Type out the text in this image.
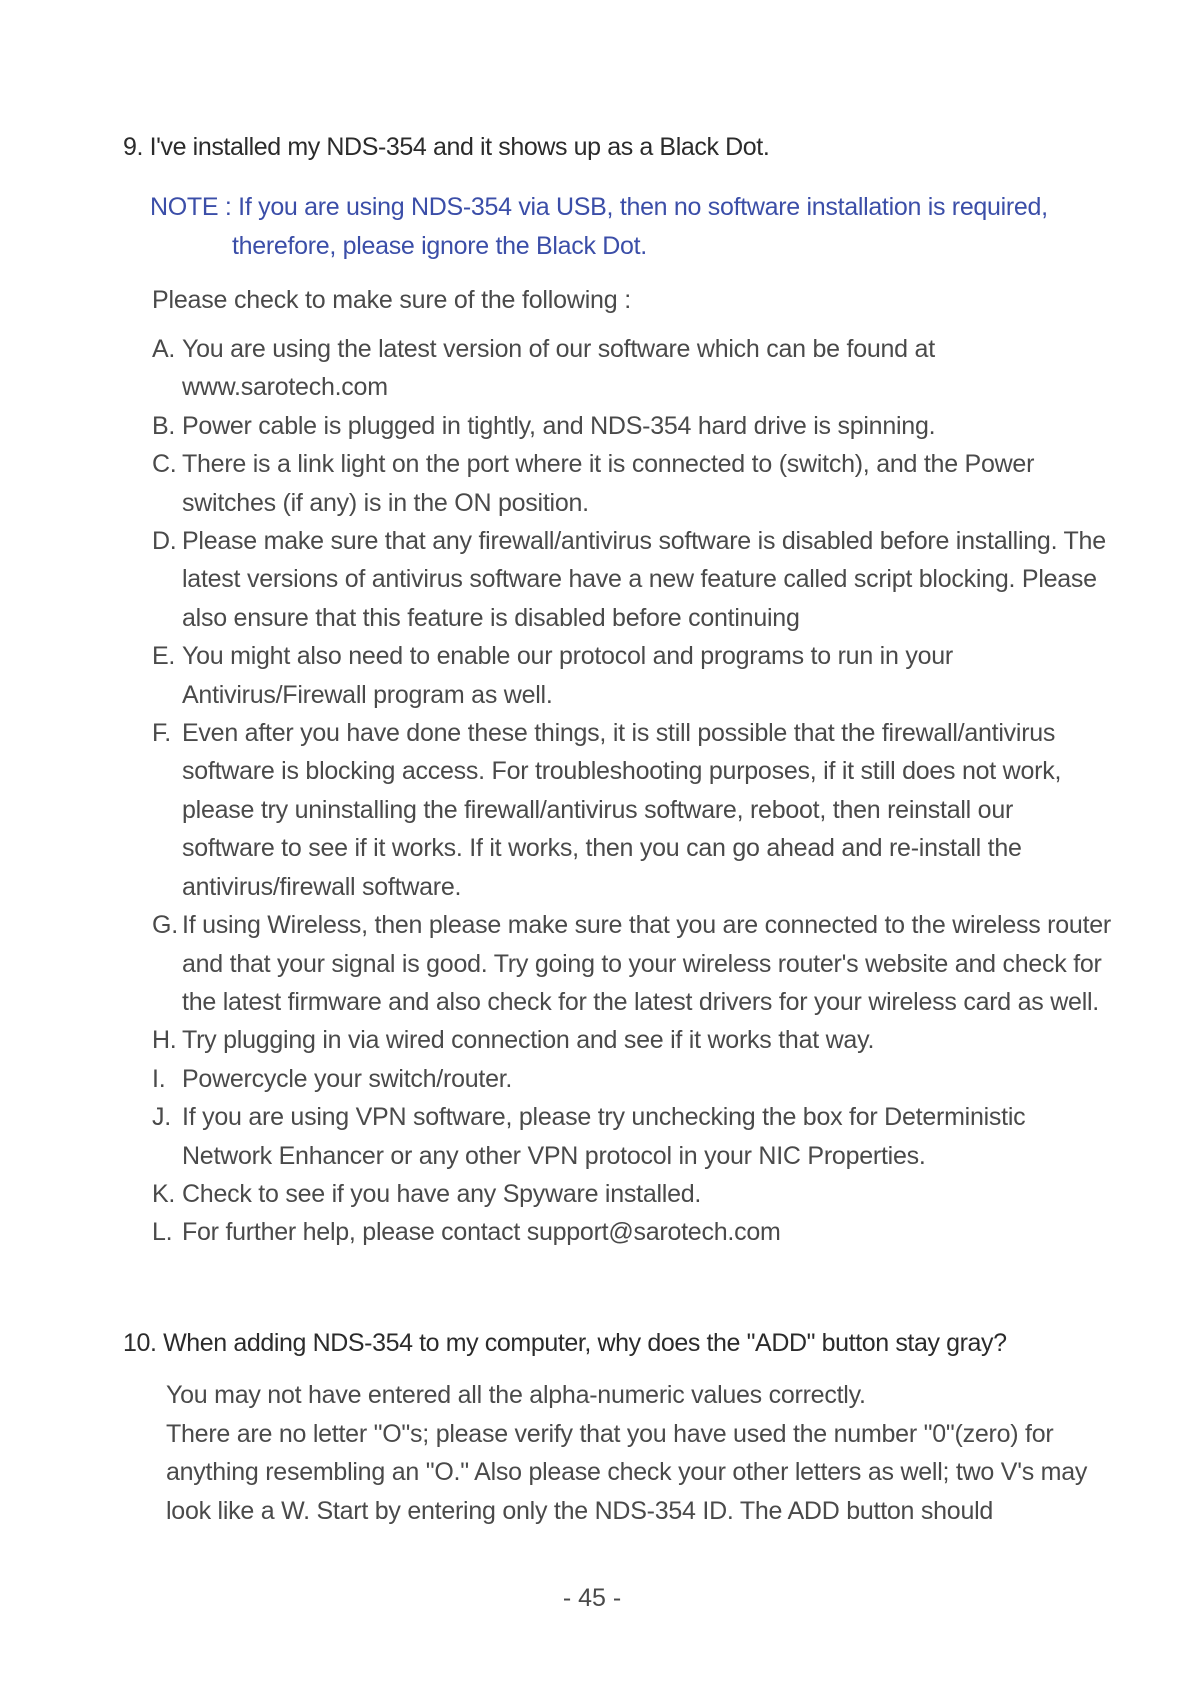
9. I've installed my NDS-354 and it shows up as a Black Dot.
NOTE : If you are using NDS-354 via USB, then no software installation is required,
therefore, please ignore the Black Dot.
Please check to make sure of the following :
A. You are using the latest version of our software which can be found at www.sarotech.com
B. Power cable is plugged in tightly, and NDS-354 hard drive is spinning.
C. There is a link light on the port where it is connected to (switch), and the Power switches (if any) is in the ON position.
D. Please make sure that any firewall/antivirus software is disabled before installing. The latest versions of antivirus software have a new feature called script blocking. Please also ensure that this feature is disabled before continuing
E. You might also need to enable our protocol and programs to run in your Antivirus/Firewall program as well.
F. Even after you have done these things, it is still possible that the firewall/antivirus software is blocking access. For troubleshooting purposes, if it still does not work, please try uninstalling the firewall/antivirus software, reboot, then reinstall our software to see if it works. If it works, then you can go ahead and re-install the antivirus/firewall software.
G. If using Wireless, then please make sure that you are connected to the wireless router and that your signal is good. Try going to your wireless router's website and check for the latest firmware and also check for the latest drivers for your wireless card as well.
H. Try plugging in via wired connection and see if it works that way.
I. Powercycle your switch/router.
J. If you are using VPN software, please try unchecking the box for Deterministic Network Enhancer or any other VPN protocol in your NIC Properties.
K. Check to see if you have any Spyware installed.
L. For further help, please contact support@sarotech.com
10. When adding NDS-354 to my computer, why does the "ADD" button stay gray?

You may not have entered all the alpha-numeric values correctly.

There are no letter "O"s; please verify that you have used the number "0"(zero) for anything resembling an "O." Also please check your other letters as well; two V's may look like a W. Start by entering only the NDS-354 ID. The ADD button should

- 45 -
